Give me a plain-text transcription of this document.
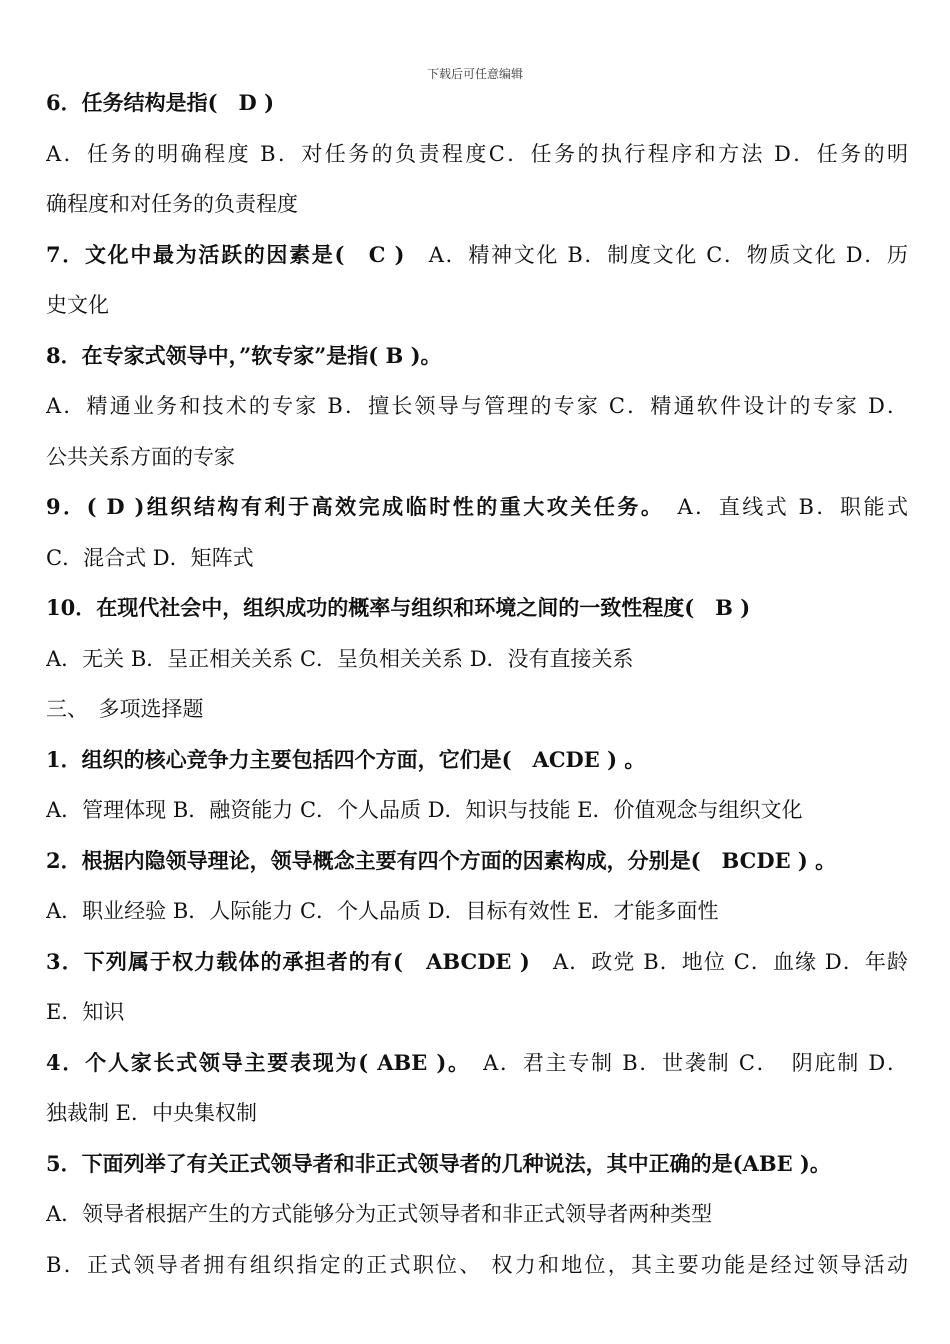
下载后可任意编辑
6．任务结构是指(　D )
A．任务的明确程度 B．对任务的负责程度C．任务的执行程序和方法 D．任务的明
确程度和对任务的负责程度
7．文化中最为活跃的因素是(　C )　 A．精神文化 B．制度文化 C．物质文化 D．历
史文化
8．在专家式领导中，”软专家”是指( B )。
A．精通业务和技术的专家 B．擅长领导与管理的专家 C．精通软件设计的专家 D．
公共关系方面的专家
9．( D )组织结构有利于高效完成临时性的重大攻关任务。　 A．直线式 B．职能式
C．混合式 D．矩阵式
10．在现代社会中，组织成功的概率与组织和环境之间的一致性程度(　B )
A．无关 B．呈正相关关系 C．呈负相关关系 D．没有直接关系
三、　多项选择题
1．组织的核心竞争力主要包括四个方面，它们是(　ACDE ) 。
A．管理体现 B．融资能力 C．个人品质 D．知识与技能 E．价值观念与组织文化
2．根据内隐领导理论，领导概念主要有四个方面的因素构成，分别是(　BCDE ) 。
A．职业经验 B．人际能力 C．个人品质 D．目标有效性 E．才能多面性
3．下列属于权力载体的承担者的有(　ABCDE )　 A．政党 B．地位 C．血缘 D．年龄
E．知识
4．个人家长式领导主要表现为( ABE )。　 A．君主专制 B．世袭制 C．　阴庇制 D．
独裁制 E．中央集权制
5．下面列举了有关正式领导者和非正式领导者的几种说法，其中正确的是(ABE )。
A．领导者根据产生的方式能够分为正式领导者和非正式领导者两种类型
B．正式领导者拥有组织指定的正式职位、 权力和地位，其主要功能是经过领导活动
